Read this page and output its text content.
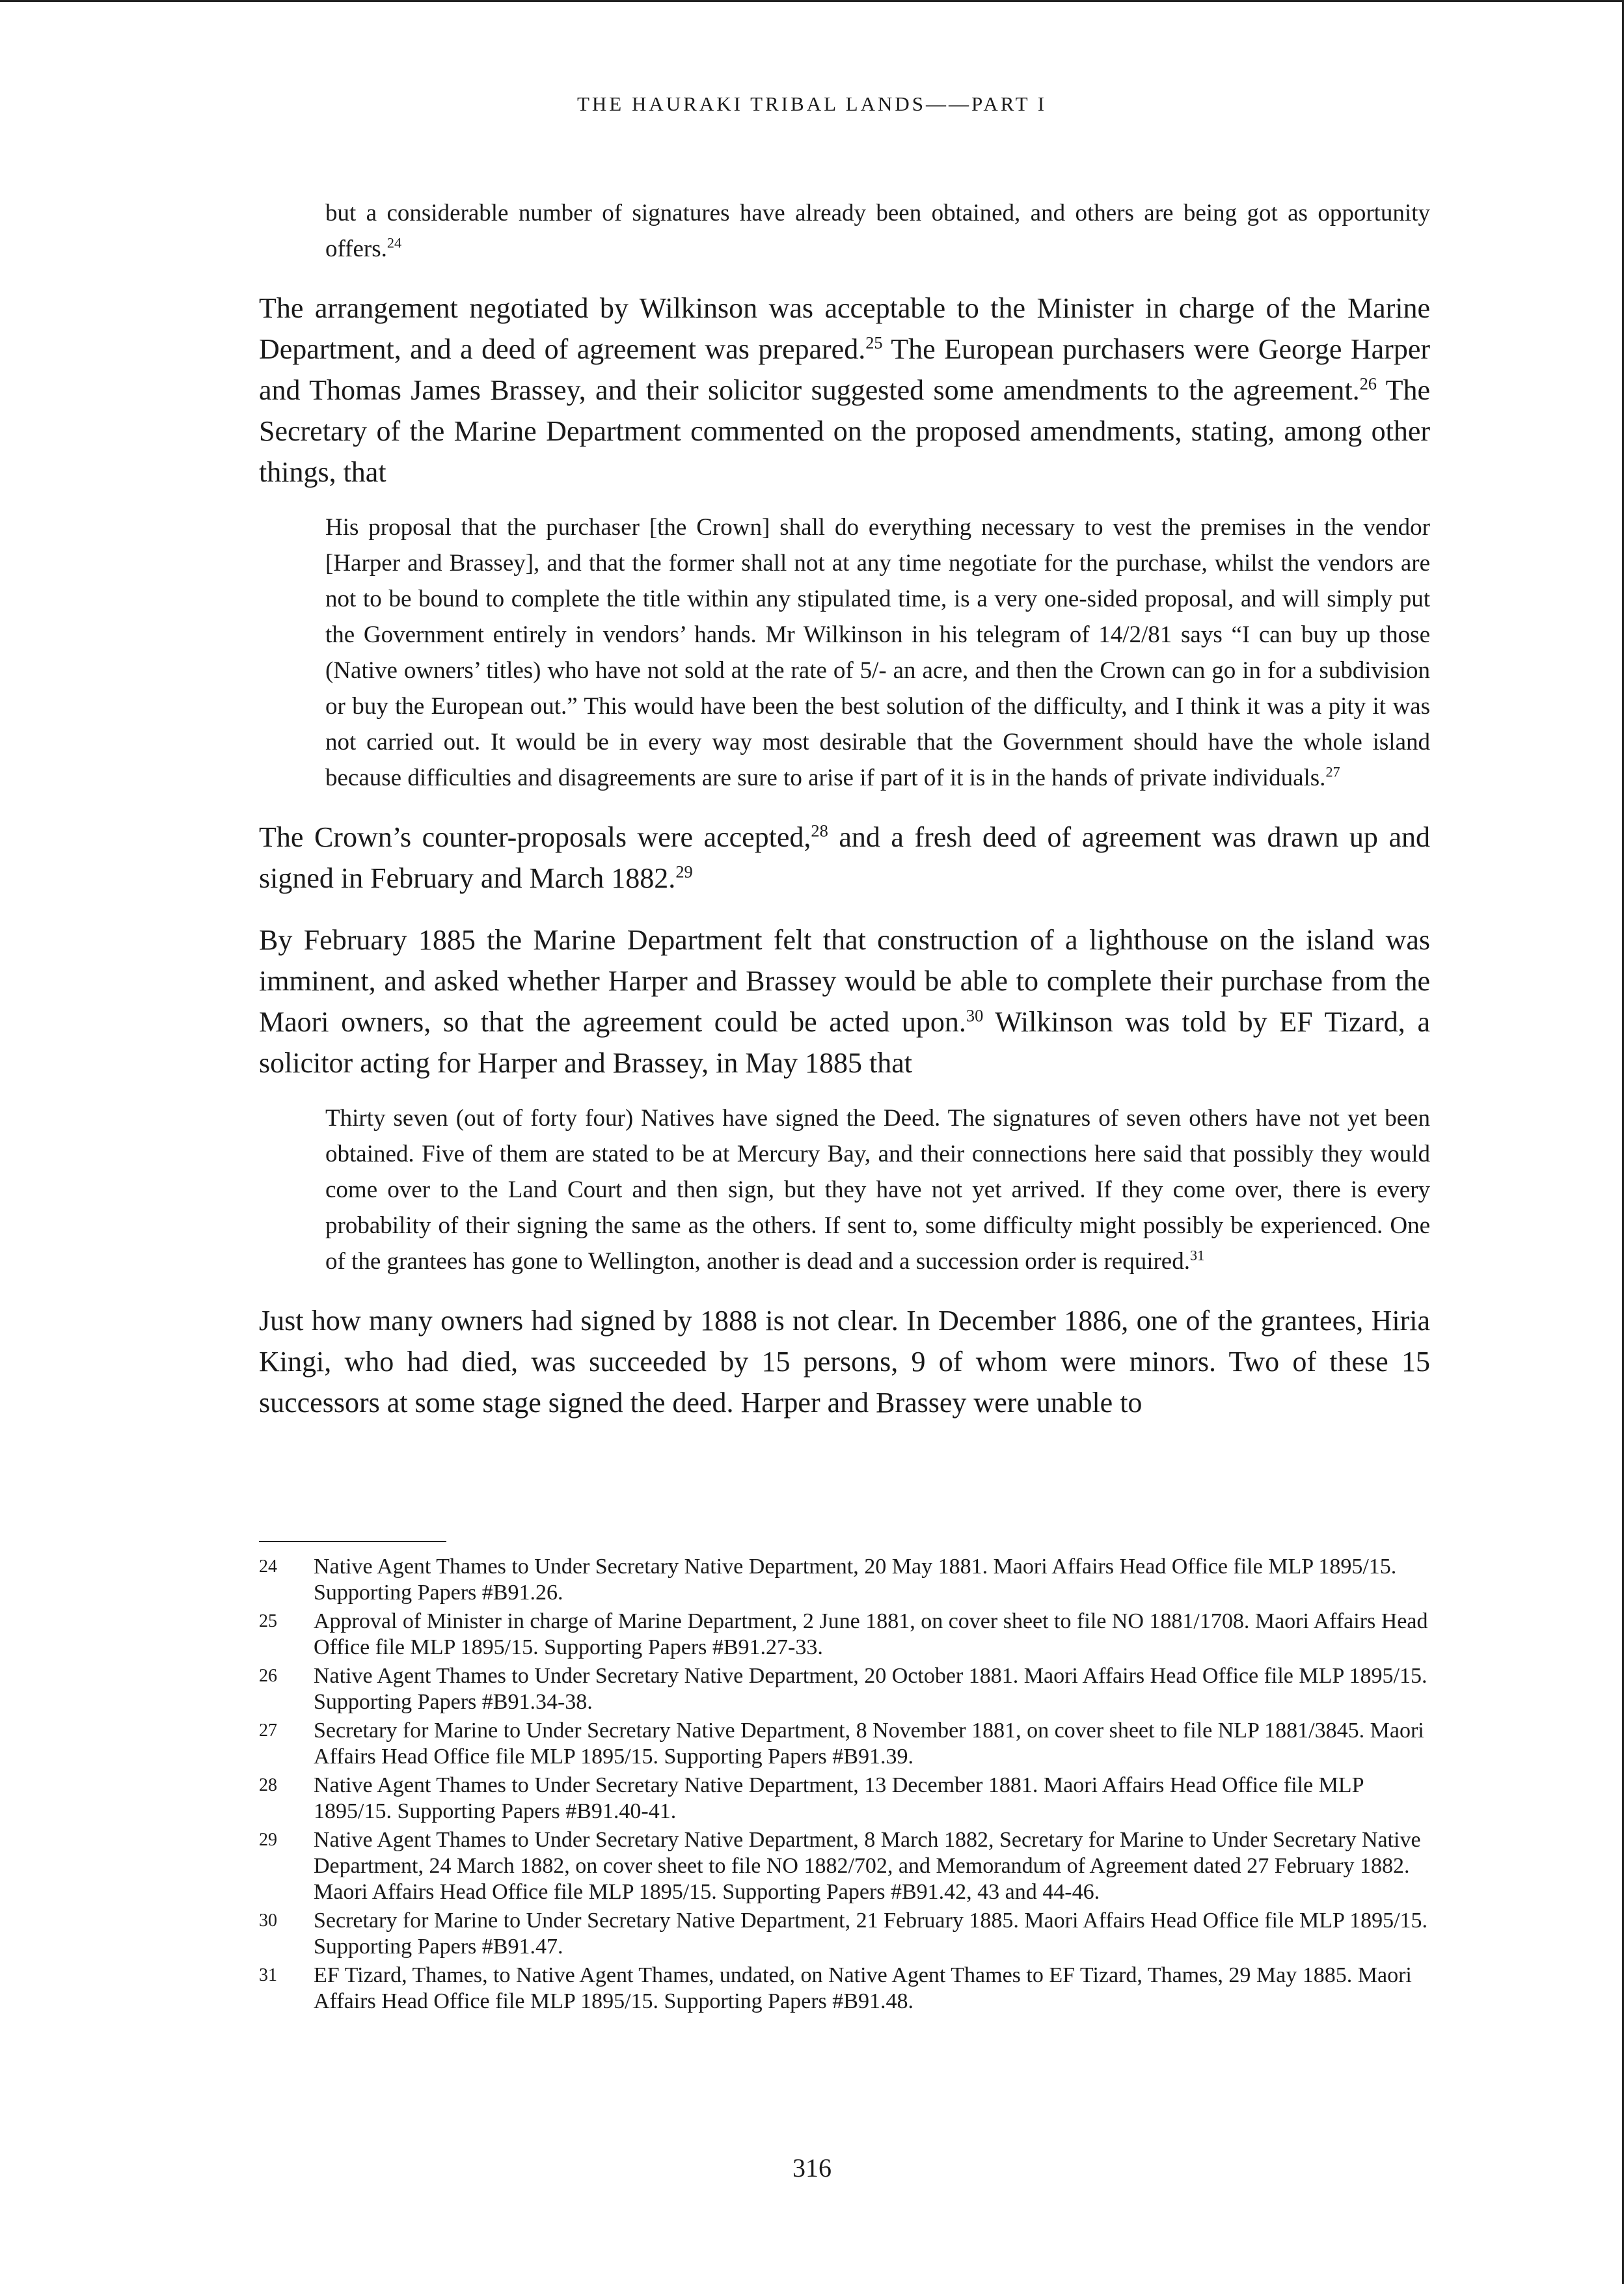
THE HAURAKI TRIBAL LANDS——PART I

but a considerable number of signatures have already been obtained, and others are being got as opportunity offers.$^{24}$

The arrangement negotiated by Wilkinson was acceptable to the Minister in charge of the Marine Department, and a deed of agreement was prepared.$^{25}$ The European purchasers were George Harper and Thomas James Brassey, and their solicitor suggested some amendments to the agreement.$^{26}$ The Secretary of the Marine Department commented on the proposed amendments, stating, among other things, that

His proposal that the purchaser [the Crown] shall do everything necessary to vest the premises in the vendor [Harper and Brassey], and that the former shall not at any time negotiate for the purchase, whilst the vendors are not to be bound to complete the title within any stipulated time, is a very one-sided proposal, and will simply put the Government entirely in vendors’ hands. Mr Wilkinson in his telegram of 14/2/81 says “I can buy up those (Native owners’ titles) who have not sold at the rate of 5/- an acre, and then the Crown can go in for a subdivision or buy the European out.” This would have been the best solution of the difficulty, and I think it was a pity it was not carried out. It would be in every way most desirable that the Government should have the whole island because difficulties and disagreements are sure to arise if part of it is in the hands of private individuals.$^{27}$

The Crown’s counter-proposals were accepted,$^{28}$ and a fresh deed of agreement was drawn up and signed in February and March 1882.29

By February 1885 the Marine Department felt that construction of a lighthouse on the island was imminent, and asked whether Harper and Brassey would be able to complete their purchase from the Maori owners, so that the agreement could be acted upon.$^{30}$ Wilkinson was told by EF Tizard, a solicitor acting for Harper and Brassey, in May 1885 that

Thirty seven (out of forty four) Natives have signed the Deed. The signatures of seven others have not yet been obtained. Five of them are stated to be at Mercury Bay, and their connections here said that possibly they would come over to the Land Court and then sign, but they have not yet arrived. If they come over, there is every probability of their signing the same as the others. If sent to, some difficulty might possibly be experienced. One of the grantees has gone to Wellington, another is dead and a succession order is required.$^{31}$

Just how many owners had signed by 1888 is not clear. In December 1886, one of the grantees, Hiria Kingi, who had died, was succeeded by 15 persons, 9 of whom were minors. Two of these 15 successors at some stage signed the deed. Harper and Brassey were unable to

24	Native Agent Thames to Under Secretary Native Department, 20 May 1881. Maori Affairs Head Office file MLP 1895/15. Supporting Papers #B91.26.
25	Approval of Minister in charge of Marine Department, 2 June 1881, on cover sheet to file NO 1881/1708. Maori Affairs Head Office file MLP 1895/15. Supporting Papers #B91.27-33.
26	Native Agent Thames to Under Secretary Native Department, 20 October 1881. Maori Affairs Head Office file MLP 1895/15. Supporting Papers #B91.34-38.
27	Secretary for Marine to Under Secretary Native Department, 8 November 1881, on cover sheet to file NLP 1881/3845. Maori Affairs Head Office file MLP 1895/15. Supporting Papers #B91.39.
28	Native Agent Thames to Under Secretary Native Department, 13 December 1881. Maori Affairs Head Office file MLP 1895/15. Supporting Papers #B91.40-41.
29	Native Agent Thames to Under Secretary Native Department, 8 March 1882, Secretary for Marine to Under Secretary Native Department, 24 March 1882, on cover sheet to file NO 1882/702, and Memorandum of Agreement dated 27 February 1882. Maori Affairs Head Office file MLP 1895/15. Supporting Papers #B91.42, 43 and 44-46.
30	Secretary for Marine to Under Secretary Native Department, 21 February 1885. Maori Affairs Head Office file MLP 1895/15. Supporting Papers #B91.47.
31	EF Tizard, Thames, to Native Agent Thames, undated, on Native Agent Thames to EF Tizard, Thames, 29 May 1885. Maori Affairs Head Office file MLP 1895/15. Supporting Papers #B91.48.
316
